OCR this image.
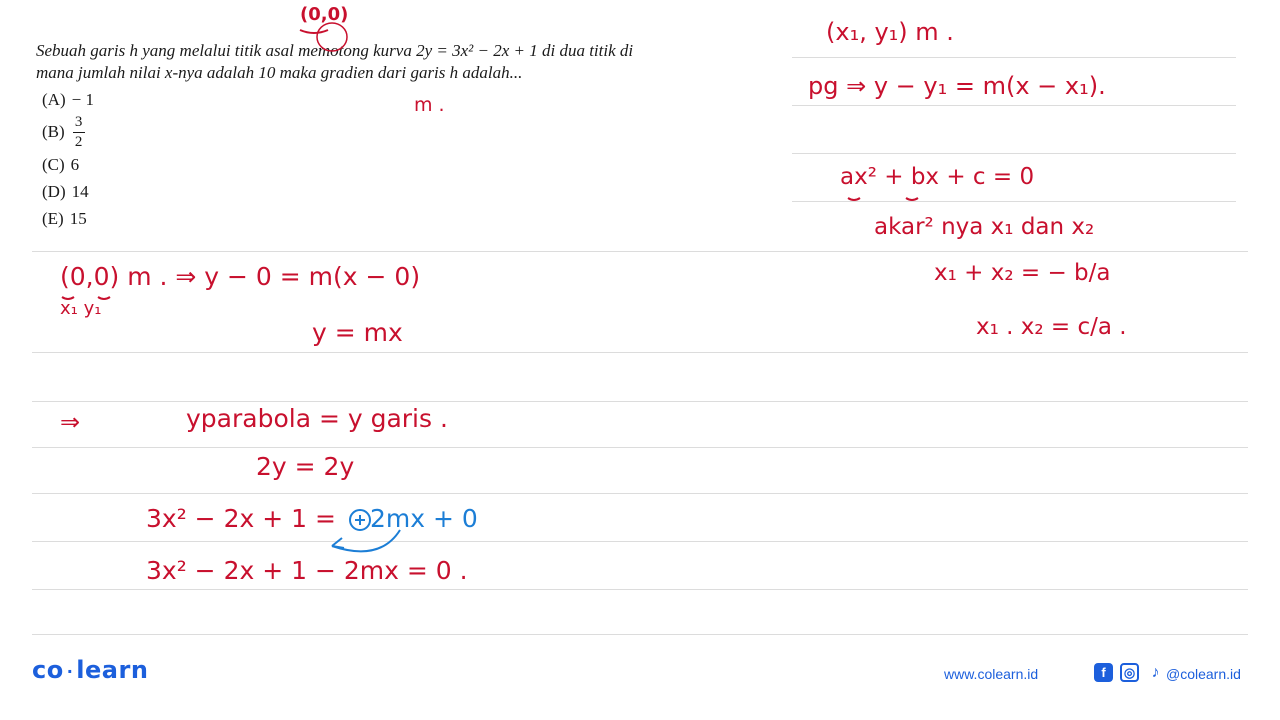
Sebuah garis h yang melalui titik asal memotong kurva 2y = 3x² − 2x + 1 di dua titik di
mana jumlah nilai x-nya adalah 10 maka gradien dari garis h adalah...
(A) − 1
$(B) \frac{3}{2}$
(C) 6
(D) 14
(E) 15
(0,0)
m .
(x₁, y₁) m .
pg ⇒ y − y₁ = m(x − x₁).
ax² + bx + c = 0
akar² nya x₁ dan x₂
x₁ + x₂ = − b/a
x₁ . x₂ = c/a .
(0,0) m . ⇒ y − 0 = m(x − 0)
x₁ y₁
y = mx
⇒	yparabola = y garis .
2y = 2y
3x² − 2x + 1 = 2mx + 0
3x² − 2x + 1 − 2mx = 0 .
co · learn	www.colearn.id	f	◎	♪ @colearn.id
